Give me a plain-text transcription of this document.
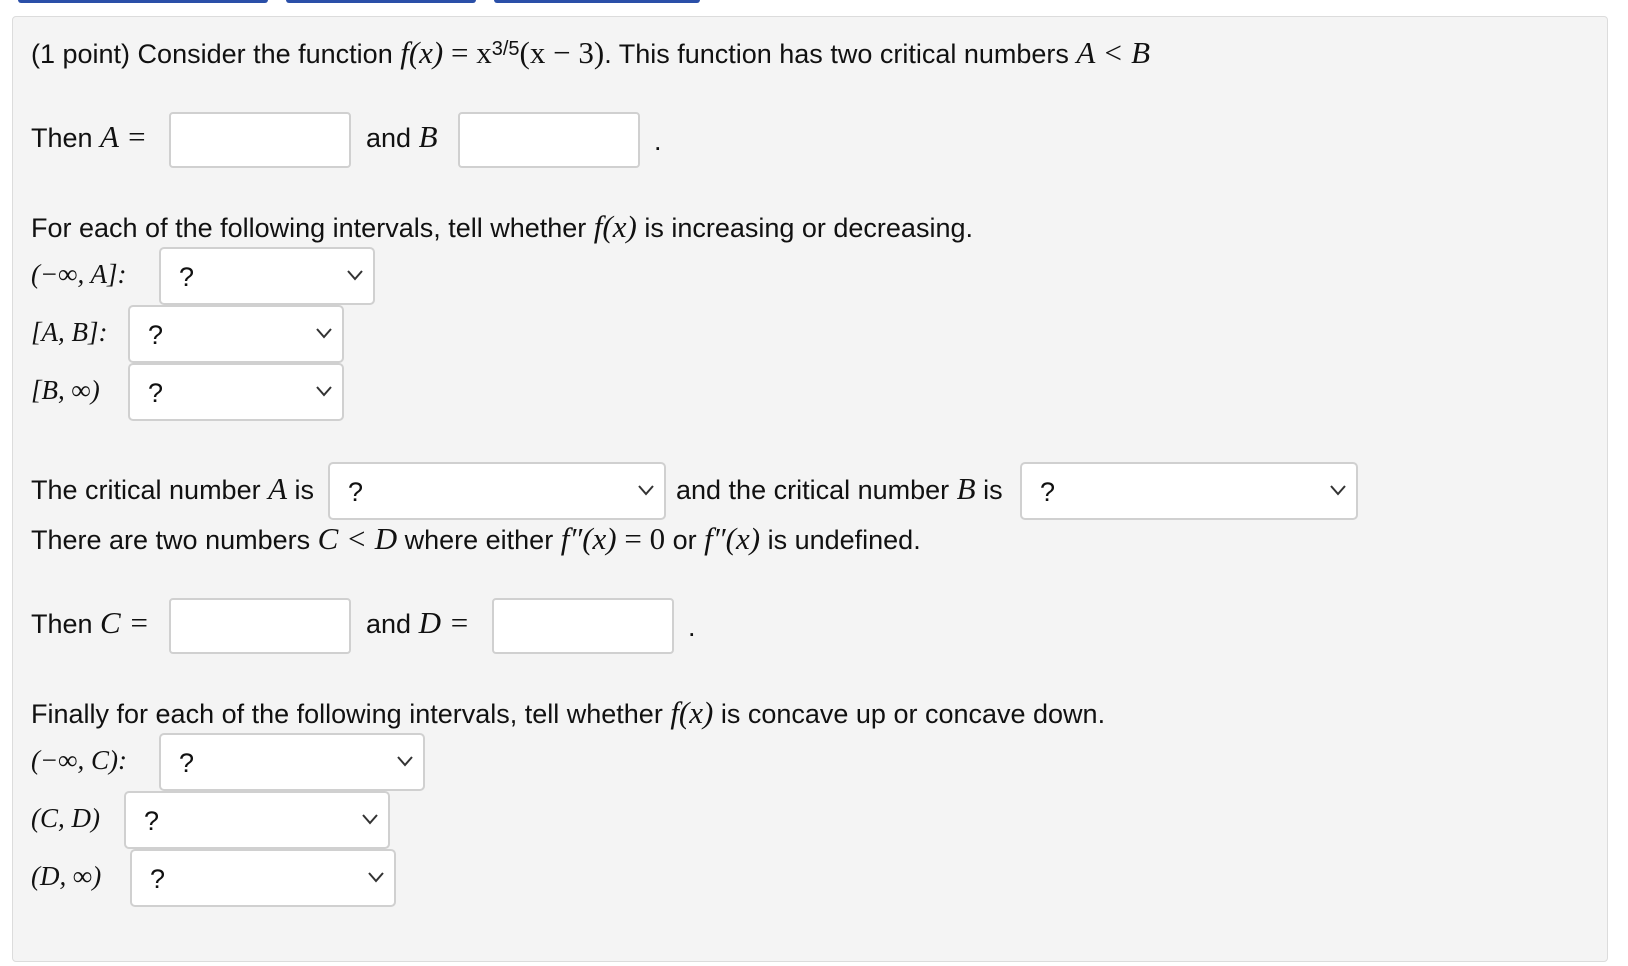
(1 point) Consider the function $f(x) = x^{3/5}(x - 3)$. This function has two critical numbers A < B
Then A =	and B	.
For each of the following intervals, tell whether f(x) is increasing or decreasing.
(−∞, A]: ?
[A, B]: ?
[B, ∞) ?
The critical number A is ?	and the critical number B is ?
There are two numbers C < D where either f″(x) = 0 or f″(x) is undefined.
Then C =	and D =	.
Finally for each of the following intervals, tell whether f(x) is concave up or concave down.
(−∞, C): ?
(C, D) ?
(D, ∞) ?
